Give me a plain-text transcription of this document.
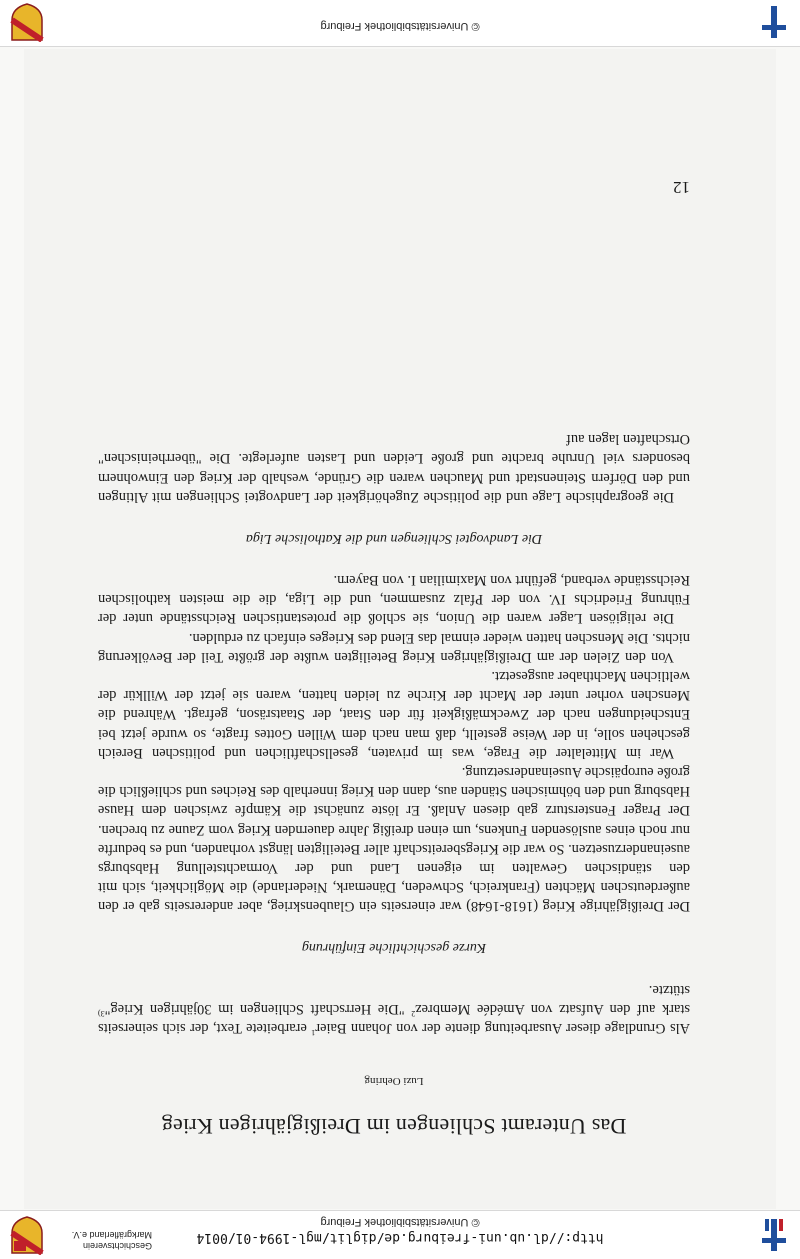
http://dl.ub.uni-freiburg.de/diglit/mgl-1994-01/0014
© Universitätsbibliothek Freiburg
Geschichtsverein
Markgräflerland e.V.
Das Unteramt Schliengen im Dreißigjährigen Krieg
Luzi Oehring

Als Grundlage dieser Ausarbeitung diente der von Johann Baier$^1$ erarbeitete Text, der sich seinerseits stark auf den Aufsatz von Amédée Membrez$^2$ "Die Herrschaft Schliengen im 30jährigen Krieg"$^{3)}$ stützte.

Kurze geschichtliche Einführung

Der Dreißigjährige Krieg (1618-1648) war einerseits ein Glaubenskrieg, aber andererseits gab er den außerdeutschen Mächten (Frankreich, Schweden, Dänemark, Niederlande) die Möglichkeit, sich mit den ständischen Gewalten im eigenen Land und der Vormachtstellung Habsburgs auseinanderzusetzen. So war die Kriegsbereitschaft aller Beteiligten längst vorhanden, und es bedurfte nur noch eines auslösenden Funkens, um einen dreißig Jahre dauernden Krieg vom Zaune zu brechen. Der Prager Fenstersturz gab diesen Anlaß. Er löste zunächst die Kämpfe zwischen dem Hause Habsburg und den böhmischen Ständen aus, dann den Krieg innerhalb des Reiches und schließlich die große europäische Auseinandersetzung.

War im Mittelalter die Frage, was im privaten, gesellschaftlichen und politischen Bereich geschehen solle, in der Weise gestellt, daß man nach dem Willen Gottes fragte, so wurde jetzt bei Entscheidungen nach der Zweckmäßigkeit für den Staat, der Staatsräson, gefragt. Während die Menschen vorher unter der Macht der Kirche zu leiden hatten, waren sie jetzt der Willkür der weltlichen Machthaber ausgesetzt.

Von den Zielen der am Dreißigjährigen Krieg Beteiligten wußte der größte Teil der Bevölkerung nichts. Die Menschen hatten wieder einmal das Elend des Krieges einfach zu erdulden.

Die religiösen Lager waren die Union, sie schloß die protestantischen Reichsstände unter der Führung Friedrichs IV. von der Pfalz zusammen, und die Liga, die die meisten katholischen Reichsstände verband, geführt von Maximilian I. von Bayern.

Die Landvogtei Schliengen und die Katholische Liga

Die geographische Lage und die politische Zugehörigkeit der Landvogtei Schliengen mit Altingen und den Dörfern Steinenstadt und Mauchen waren die Gründe, weshalb der Krieg den Einwohnern besonders viel Unruhe brachte und große Leiden und Lasten auferlegte. Die "überrheinischen" Ortschaften lagen auf

12
© Universitätsbibliothek Freiburg
